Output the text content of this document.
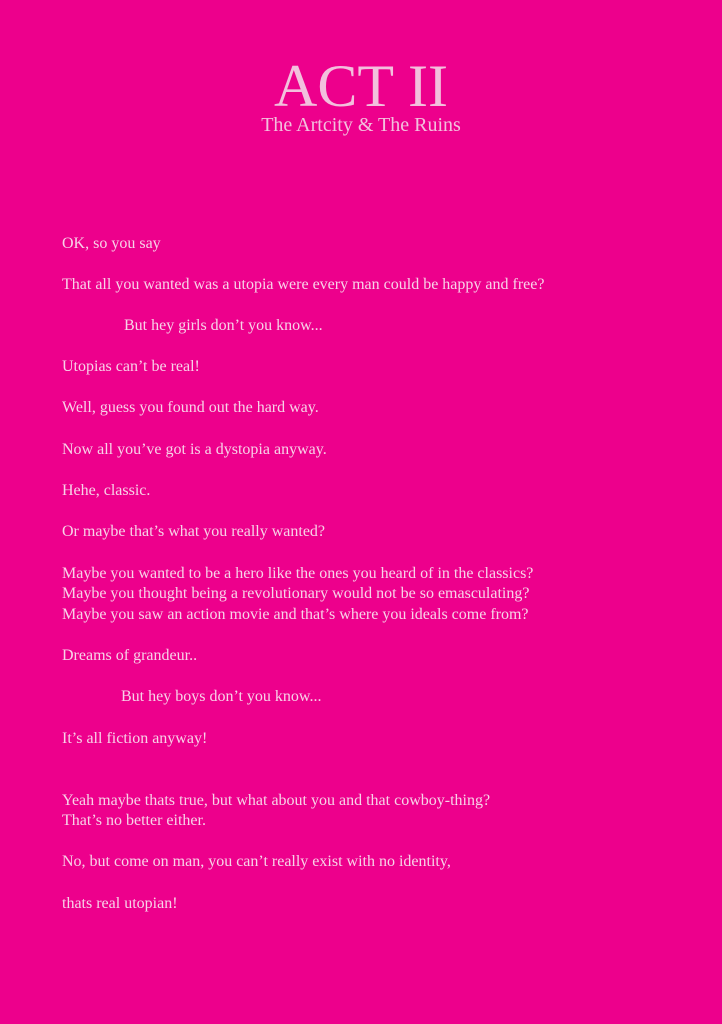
ACT II
The Artcity & The Ruins
OK, so you say
That all you wanted was a utopia were every man could be happy and free?
But hey girls don’t you know...
Utopias can’t be real!
Well, guess you found out the hard way.
Now all you’ve got is a dystopia anyway.
Hehe, classic.
Or maybe that’s what you really wanted?
Maybe you wanted to be a hero like the ones you heard of in the classics?
Maybe you thought being a revolutionary would not be so emasculating?
Maybe you saw an action movie and that’s where you ideals come from?
Dreams of grandeur..
But hey boys don’t you know...
It’s all fiction anyway!
Yeah maybe thats true, but what about you and that cowboy-thing?
That’s no better either.
No, but come on man, you can’t really exist with no identity,
thats real utopian!
